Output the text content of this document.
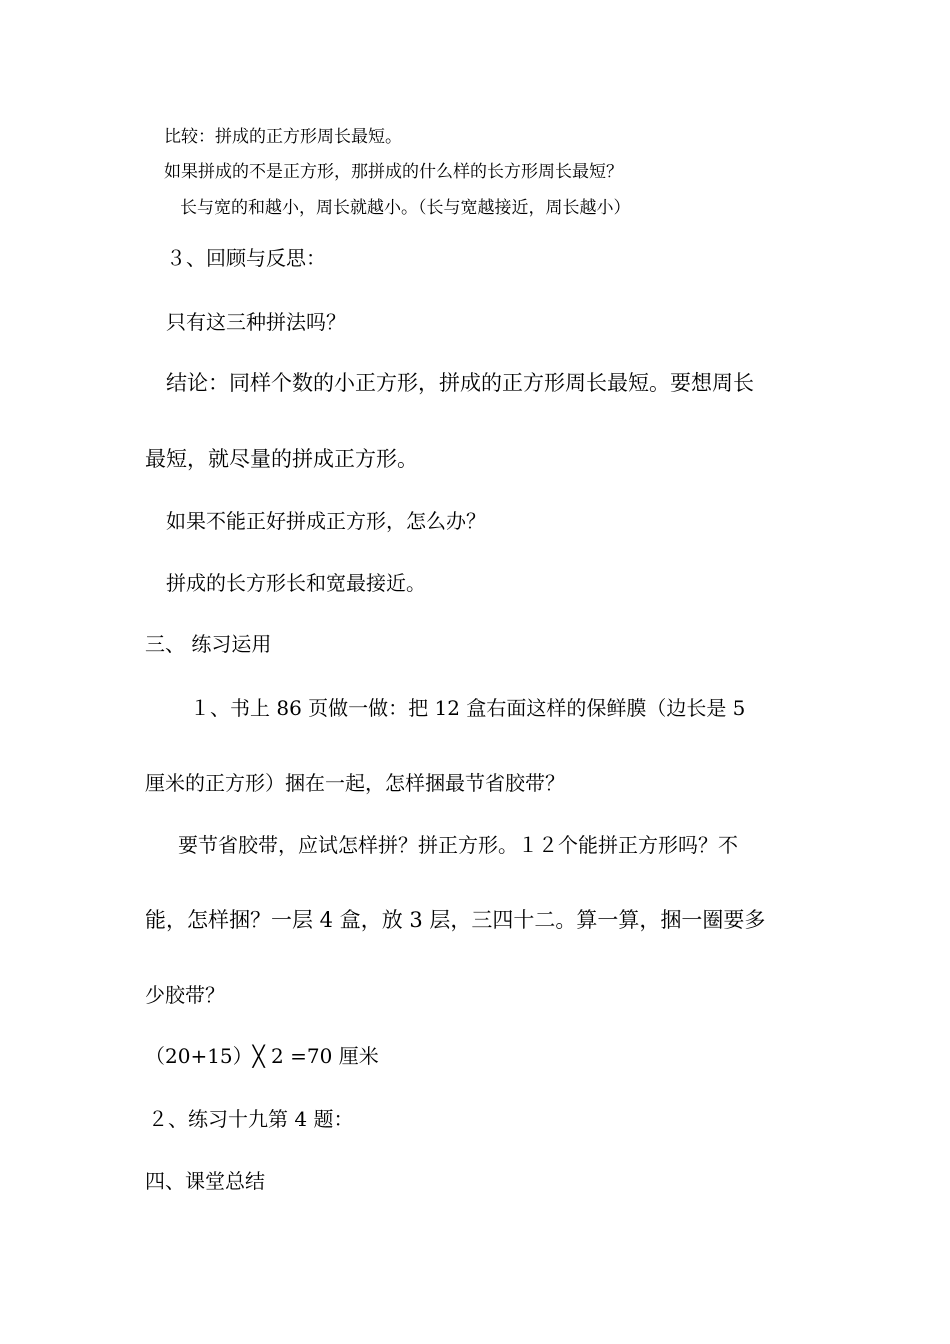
比较：拼成的正方形周长最短。
如果拼成的不是正方形，那拼成的什么样的长方形周长最短？
长与宽的和越小，周长就越小。（长与宽越接近，周长越小）
３、回顾与反思：
只有这三种拼法吗？
结论：同样个数的小正方形，拼成的正方形周长最短。要想周长
最短，就尽量的拼成正方形。
如果不能正好拼成正方形，怎么办？
拼成的长方形长和宽最接近。
三、 练习运用
１、书上 86 页做一做：把 12 盒右面这样的保鲜膜（边长是 5
厘米的正方形）捆在一起，怎样捆最节省胶带？
要节省胶带，应试怎样拼？拼正方形。１２个能拼正方形吗？不
能，怎样捆？一层 4 盒，放 3 层，三四十二。算一算，捆一圈要多
少胶带？
（20+15）╳ 2 =70 厘米
２、练习十九第 4 题：
四、课堂总结
